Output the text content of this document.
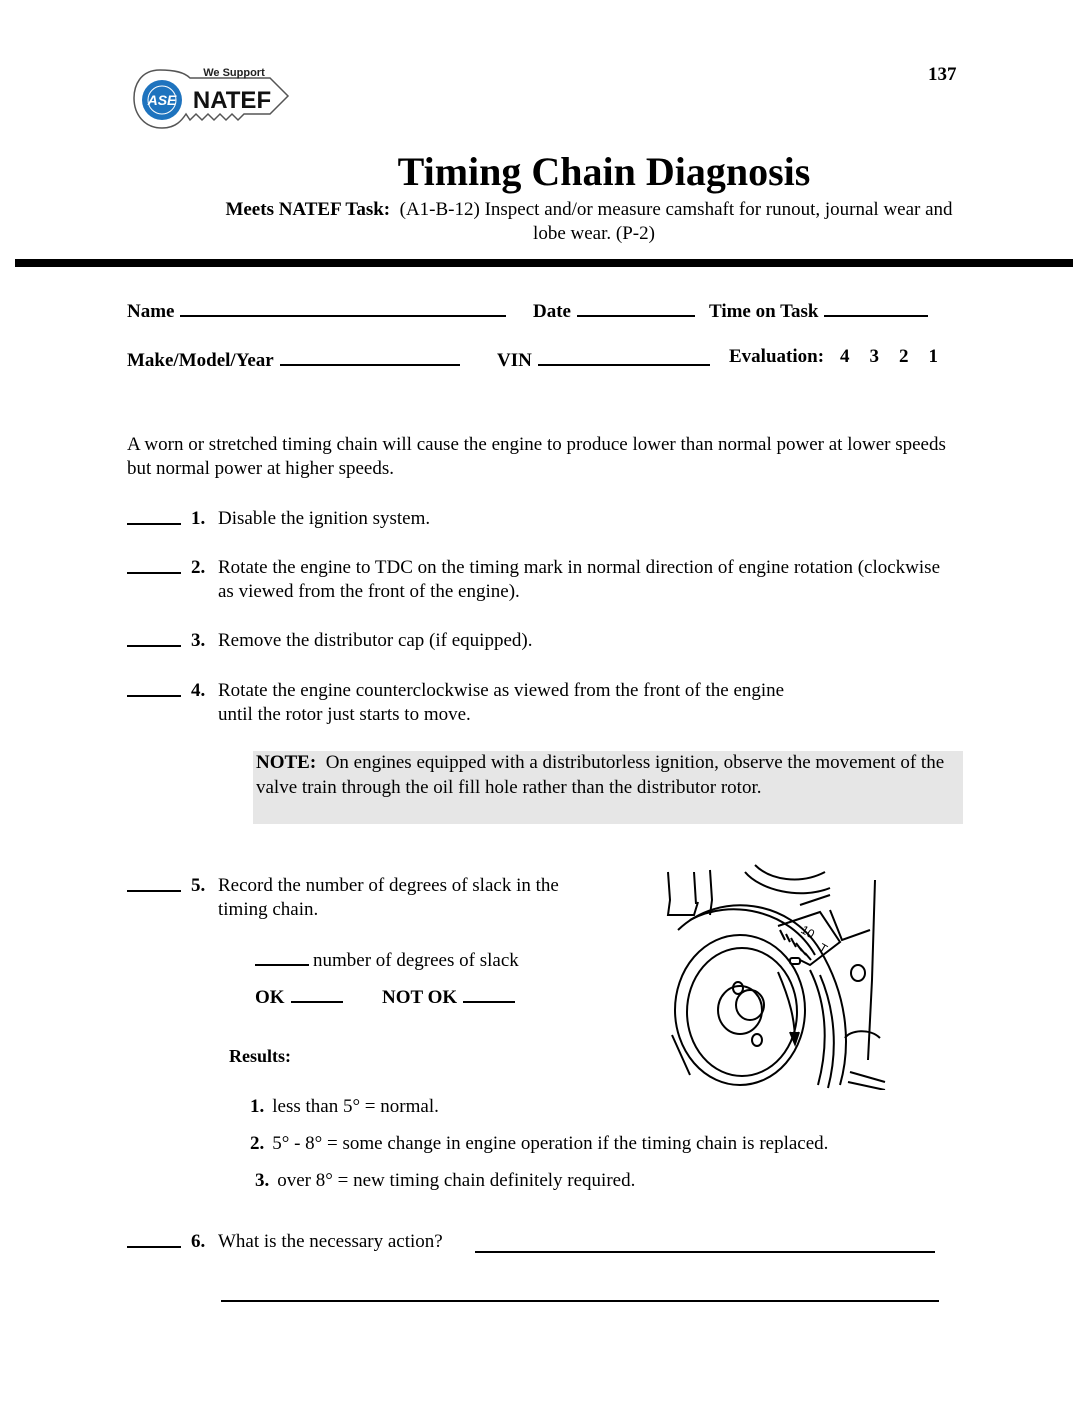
137
ASE
We Support
NATEF
Timing Chain Diagnosis
Meets NATEF Task: (A1-B-12) Inspect and/or measure camshaft for runout, journal wear and
lobe wear. (P-2)
Name	Date	Time on Task
Make/Model/Year	VIN	Evaluation: 4 3 2 1
A worn or stretched timing chain will cause the engine to produce lower than normal power at lower speeds but normal power at higher speeds.
1. Disable the ignition system.
2. Rotate the engine to TDC on the timing mark in normal direction of engine rotation (clockwise as viewed from the front of the engine).
3. Remove the distributor cap (if equipped).
4. Rotate the engine counterclockwise as viewed from the front of the engine
until the rotor just starts to move.
NOTE: On engines equipped with a distributorless ignition, observe the movement of the valve train through the oil fill hole rather than the distributor rotor.
5. Record the number of degrees of slack in the
timing chain.
number of degrees of slack
OK	NOT OK
10
T
Results:
1. less than 5° = normal.
2. 5° - 8° = some change in engine operation if the timing chain is replaced.
3. over 8° = new timing chain definitely required.
6. What is the necessary action?
